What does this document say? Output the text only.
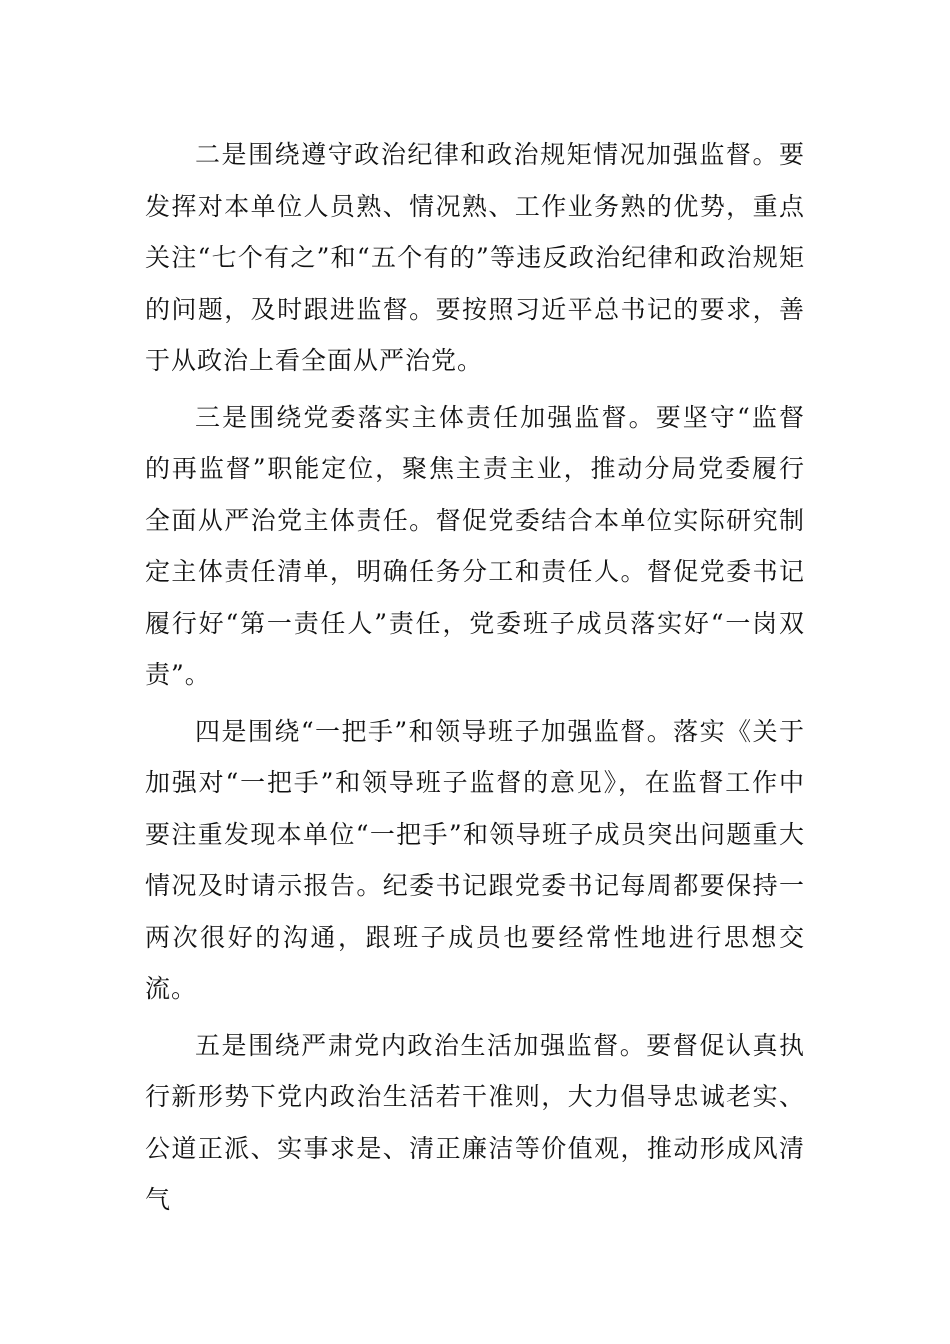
二是围绕遵守政治纪律和政治规矩情况加强监督。要发挥对本单位人员熟、情况熟、工作业务熟的优势，重点关注“七个有之”和“五个有的”等违反政治纪律和政治规矩的问题，及时跟进监督。要按照习近平总书记的要求，善于从政治上看全面从严治党。

三是围绕党委落实主体责任加强监督。要坚守“监督的再监督”职能定位，聚焦主责主业，推动分局党委履行全面从严治党主体责任。督促党委结合本单位实际研究制定主体责任清单，明确任务分工和责任人。督促党委书记履行好“第一责任人”责任，党委班子成员落实好“一岗双责”。

四是围绕“一把手”和领导班子加强监督。落实《关于加强对“一把手”和领导班子监督的意见》，在监督工作中要注重发现本单位“一把手”和领导班子成员突出问题重大情况及时请示报告。纪委书记跟党委书记每周都要保持一两次很好的沟通，跟班子成员也要经常性地进行思想交流。

五是围绕严肃党内政治生活加强监督。要督促认真执行新形势下党内政治生活若干准则，大力倡导忠诚老实、公道正派、实事求是、清正廉洁等价值观，推动形成风清气
